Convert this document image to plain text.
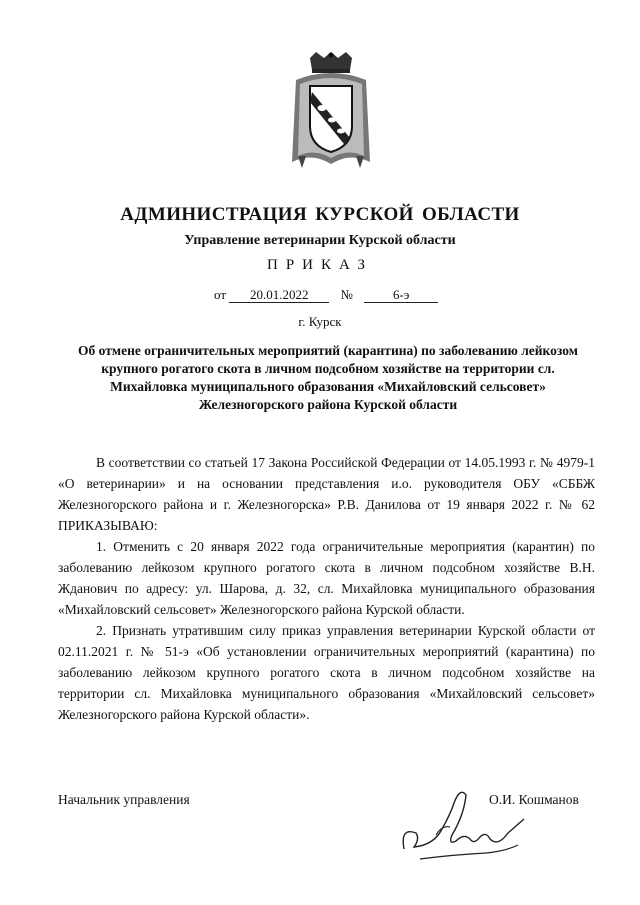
АДМИНИСТРАЦИЯ КУРСКОЙ ОБЛАСТИ
Управление ветеринарии Курской области
ПРИКАЗ
от 20.01.2022 №	6-э
г. Курск
Об отмене ограничительных мероприятий (карантина) по заболеванию лейкозом крупного рогатого скота в личном подсобном хозяйстве на территории сл. Михайловка муниципального образования «Михайловский сельсовет» Железногорского района Курской области

В соответствии со статьей 17 Закона Российской Федерации от 14.05.1993 г. № 4979-1 «О ветеринарии» и на основании представления и.о. руководителя ОБУ «СББЖ Железногорского района и г. Железногорска» Р.В. Данилова от 19 января 2022 г. № 62 ПРИКАЗЫВАЮ:

1. Отменить с 20 января 2022 года ограничительные мероприятия (карантин) по заболеванию лейкозом крупного рогатого скота в личном подсобном хозяйстве В.Н. Жданович по адресу: ул. Шарова, д. 32, сл. Михайловка муниципального образования «Михайловский сельсовет» Железногорского района Курской области.

2. Признать утратившим силу приказ управления ветеринарии Курской области от 02.11.2021 г. № 51-э «Об установлении ограничительных мероприятий (карантина) по заболеванию лейкозом крупного рогатого скота в личном подсобном хозяйстве на территории сл. Михайловка муниципального образования «Михайловский сельсовет» Железногорского района Курской области».

Начальник управления	О.И. Кошманов
